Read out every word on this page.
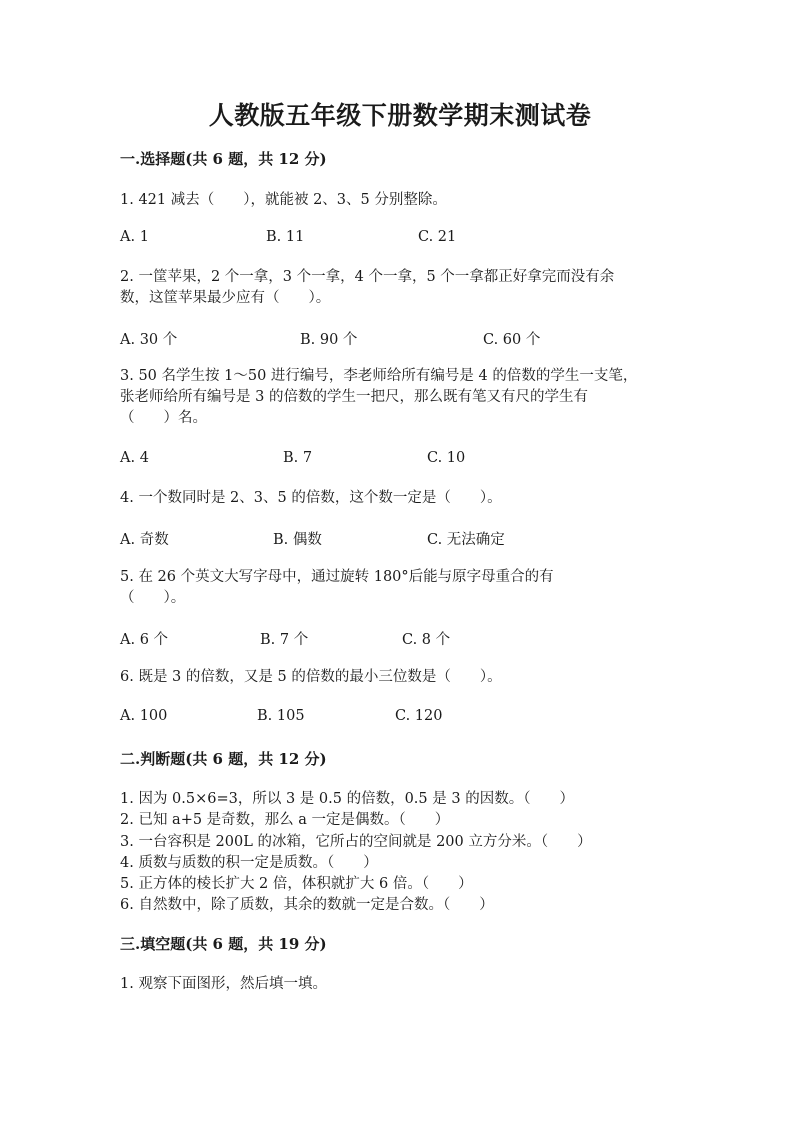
人教版五年级下册数学期末测试卷
一.选择题(共 6 题，共 12 分)
1. 421 减去（　　），就能被 2、3、5 分别整除。
A. 1	B. 11	C. 21
2. 一筐苹果，2 个一拿，3 个一拿，4 个一拿，5 个一拿都正好拿完而没有余
数，这筐苹果最少应有（　　）。
A. 30 个	B. 90 个	C. 60 个
3. 50 名学生按 1～50 进行编号，李老师给所有编号是 4 的倍数的学生一支笔，
张老师给所有编号是 3 的倍数的学生一把尺，那么既有笔又有尺的学生有
（　　）名。
A. 4	B. 7	C. 10
4. 一个数同时是 2、3、5 的倍数，这个数一定是（　　）。
A. 奇数	B. 偶数	C. 无法确定
5. 在 26 个英文大写字母中，通过旋转 180°后能与原字母重合的有
（　　）。
A. 6 个	B. 7 个	C. 8 个
6. 既是 3 的倍数，又是 5 的倍数的最小三位数是（　　）。
A. 100	B. 105	C. 120
二.判断题(共 6 题，共 12 分)
1. 因为 0.5×6=3，所以 3 是 0.5 的倍数，0.5 是 3 的因数。（　　）
2. 已知 a+5 是奇数，那么 a 一定是偶数。（　　）
3. 一台容积是 200L 的冰箱，它所占的空间就是 200 立方分米。（　　）
4. 质数与质数的积一定是质数。（　　）
5. 正方体的棱长扩大 2 倍，体积就扩大 6 倍。（　　）
6. 自然数中，除了质数，其余的数就一定是合数。（　　）
三.填空题(共 6 题，共 19 分)
1. 观察下面图形，然后填一填。
